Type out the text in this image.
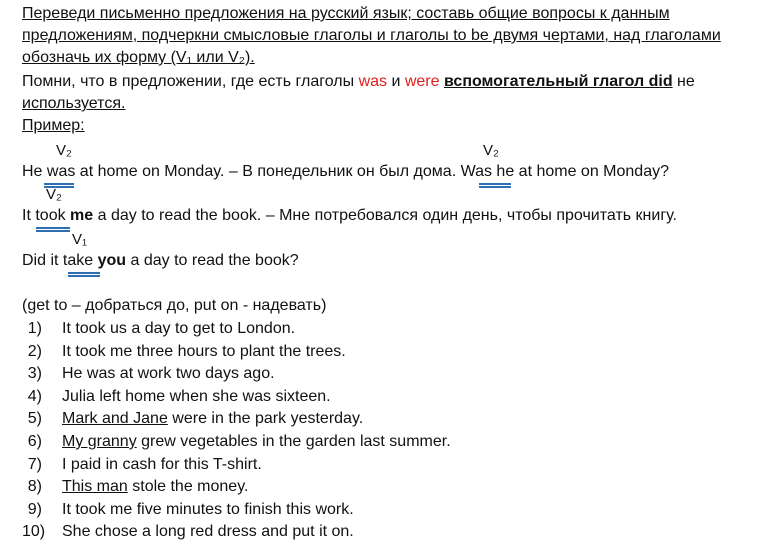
Переведи письменно предложения на русский язык; составь общие вопросы к данным
предложениям, подчеркни смысловые глаголы и глаголы to be двумя чертами, над глаголами
обозначь их форму (V₁ или V₂).
Помни, что в предложении, где есть глаголы was и were вспомогательный глагол did не
используется.
Пример:
V₂	V₂
He was at home on Monday. – В понедельник он был дома. Was he at home on Monday?
V₂
It took me a day to read the book. – Мне потребовался один день, чтобы прочитать книгу.
V₁
Did it take you a day to read the book?
(get to – добраться до, put on - надевать)
1) It took us a day to get to London.
2) It took me three hours to plant the trees.
3) He was at work two days ago.
4) Julia left home when she was sixteen.
5) Mark and Jane were in the park yesterday.
6) My granny grew vegetables in the garden last summer.
7) I paid in cash for this T-shirt.
8) This man stole the money.
9) It took me five minutes to finish this work.
10) She chose a long red dress and put it on.
